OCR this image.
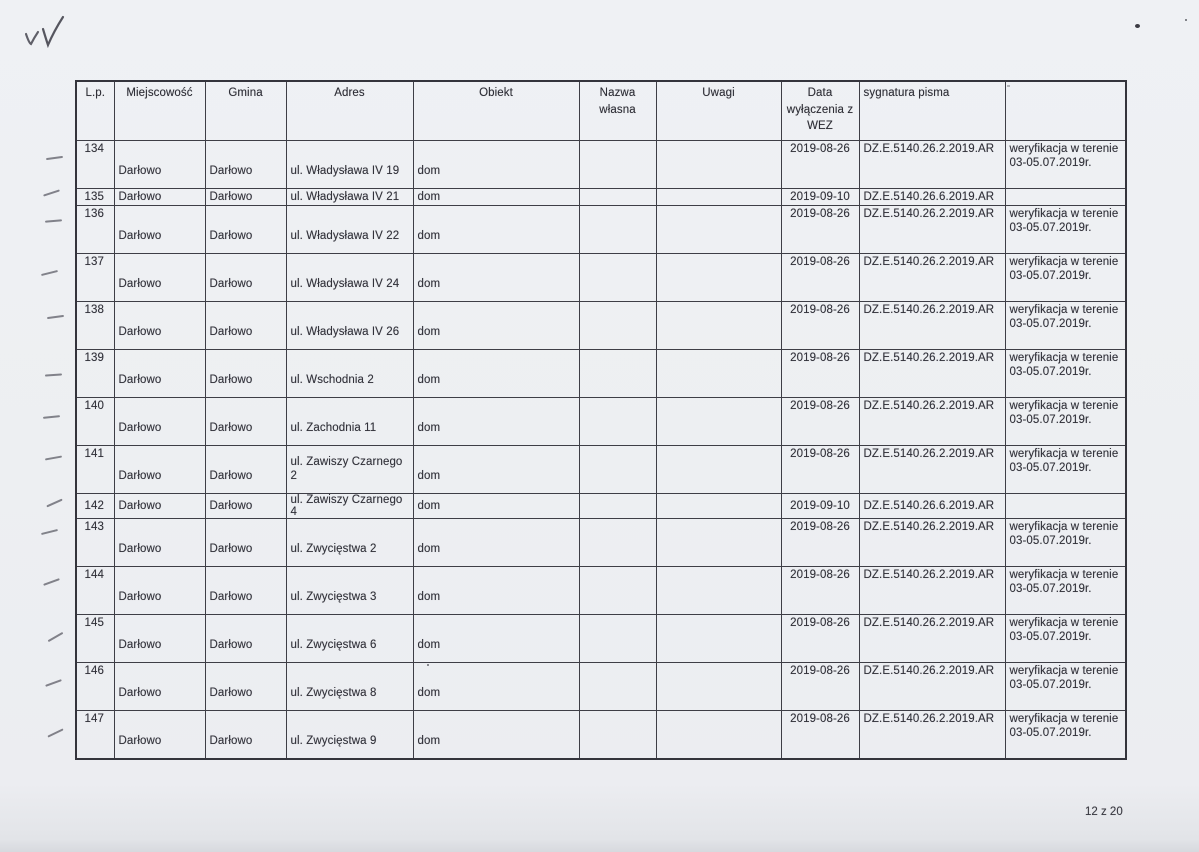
L.p.	Miejscowość	Gmina	Adres	Obiekt	Nazwa własna	Uwagi	Data wyłączenia z WEZ	sygnatura pisma	
134	Darłowo	Darłowo	ul. Władysława IV 19	dom			2019-08-26	DZ.E.5140.26.2.2019.AR	weryfikacja w terenie 03-05.07.2019r.
135	Darłowo	Darłowo	ul. Władysława IV 21	dom			2019-09-10	DZ.E.5140.26.6.2019.AR	
136	Darłowo	Darłowo	ul. Władysława IV 22	dom			2019-08-26	DZ.E.5140.26.2.2019.AR	weryfikacja w terenie 03-05.07.2019r.
137	Darłowo	Darłowo	ul. Władysława IV 24	dom			2019-08-26	DZ.E.5140.26.2.2019.AR	weryfikacja w terenie 03-05.07.2019r.
138	Darłowo	Darłowo	ul. Władysława IV 26	dom			2019-08-26	DZ.E.5140.26.2.2019.AR	weryfikacja w terenie 03-05.07.2019r.
139	Darłowo	Darłowo	ul. Wschodnia 2	dom			2019-08-26	DZ.E.5140.26.2.2019.AR	weryfikacja w terenie 03-05.07.2019r.
140	Darłowo	Darłowo	ul. Zachodnia 11	dom			2019-08-26	DZ.E.5140.26.2.2019.AR	weryfikacja w terenie 03-05.07.2019r.
141	Darłowo	Darłowo	ul. Zawiszy Czarnego 2	dom			2019-08-26	DZ.E.5140.26.2.2019.AR	weryfikacja w terenie 03-05.07.2019r.
142	Darłowo	Darłowo	ul. Zawiszy Czarnego 4	dom			2019-09-10	DZ.E.5140.26.6.2019.AR	
143	Darłowo	Darłowo	ul. Zwycięstwa 2	dom			2019-08-26	DZ.E.5140.26.2.2019.AR	weryfikacja w terenie 03-05.07.2019r.
144	Darłowo	Darłowo	ul. Zwycięstwa 3	dom			2019-08-26	DZ.E.5140.26.2.2019.AR	weryfikacja w terenie 03-05.07.2019r.
145	Darłowo	Darłowo	ul. Zwycięstwa 6	dom			2019-08-26	DZ.E.5140.26.2.2019.AR	weryfikacja w terenie 03-05.07.2019r.
146	Darłowo	Darłowo	ul. Zwycięstwa 8	dom			2019-08-26	DZ.E.5140.26.2.2019.AR	weryfikacja w terenie 03-05.07.2019r.
147	Darłowo	Darłowo	ul. Zwycięstwa 9	dom			2019-08-26	DZ.E.5140.26.2.2019.AR	weryfikacja w terenie 03-05.07.2019r.
12 z 20
